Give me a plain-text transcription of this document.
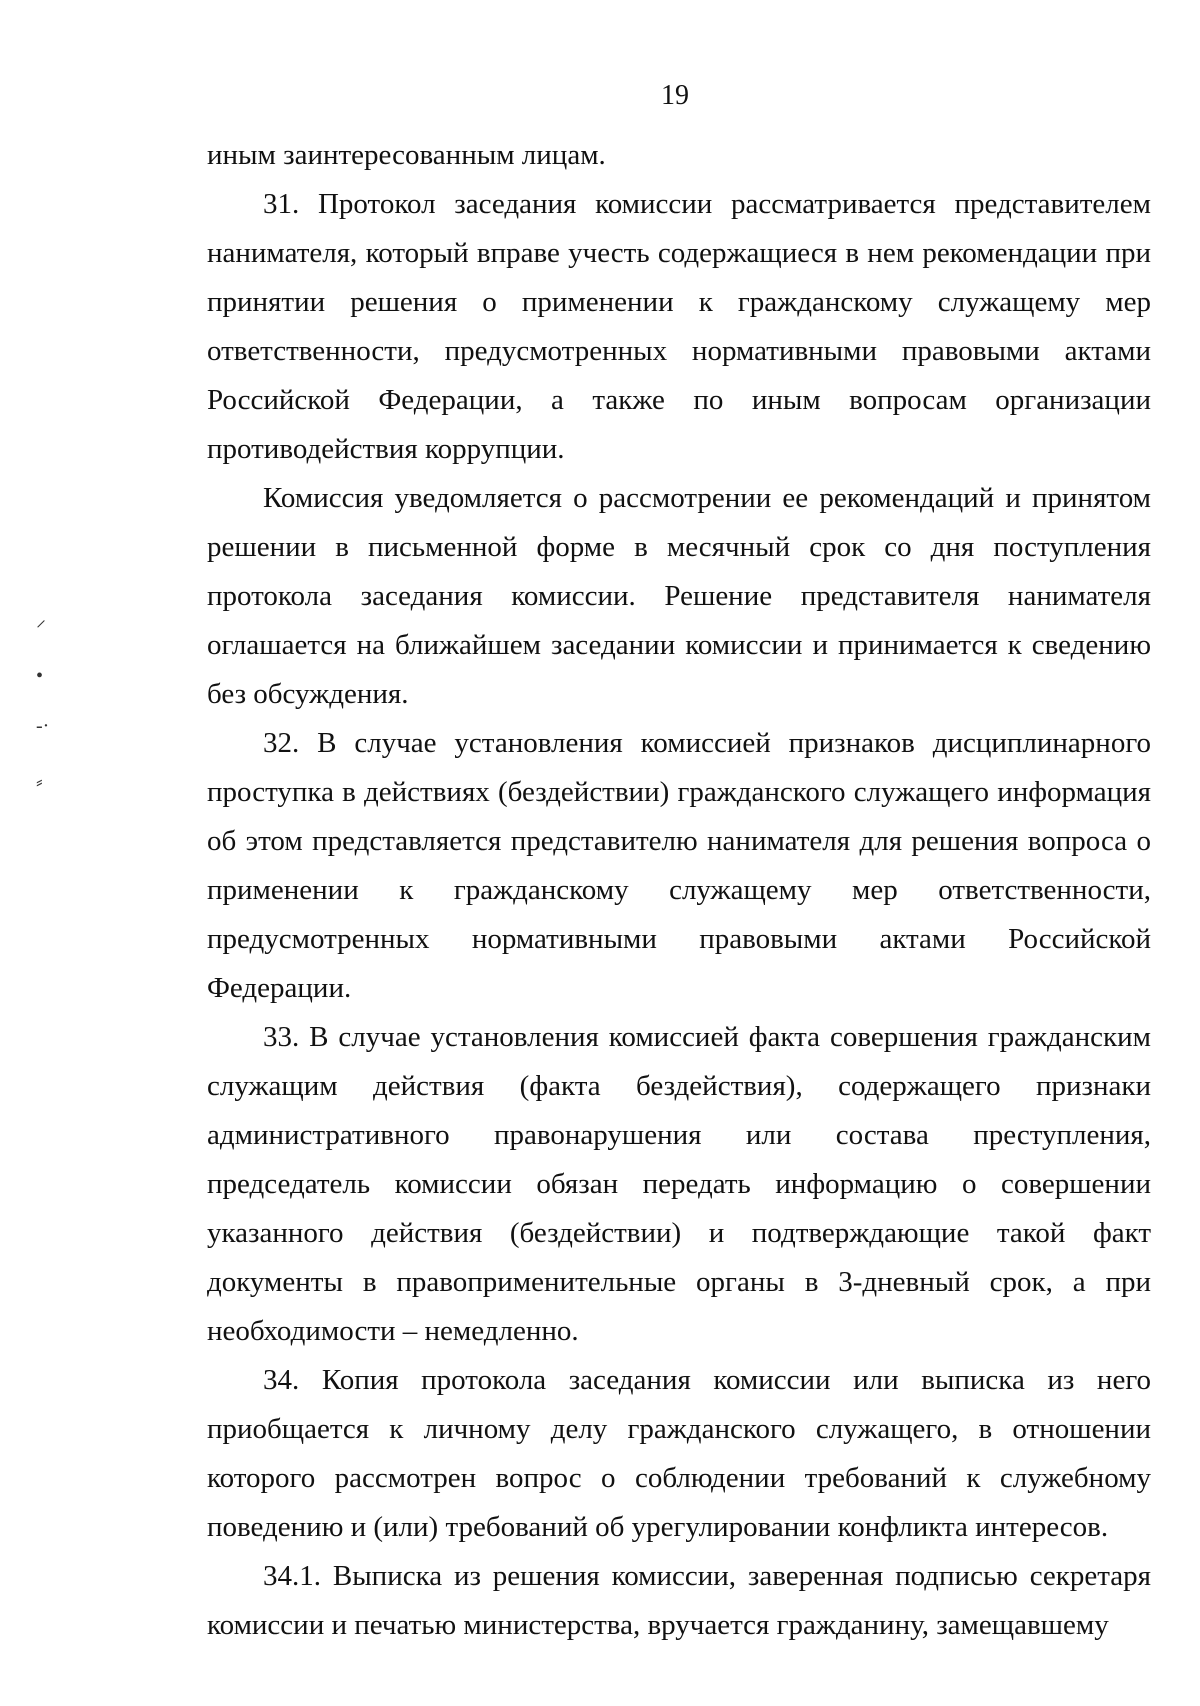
19
⸝
•
-·
⸗

иным заинтересованным лицам.

31. Протокол заседания комиссии рассматривается представителем нанимателя, который вправе учесть содержащиеся в нем рекомендации при принятии решения о применении к гражданскому служащему мер ответственности, предусмотренных нормативными правовыми актами Российской Федерации, а также по иным вопросам организации противодействия коррупции.

Комиссия уведомляется о рассмотрении ее рекомендаций и принятом решении в письменной форме в месячный срок со дня поступления протокола заседания комиссии. Решение представителя нанимателя оглашается на ближайшем заседании комиссии и принимается к сведению без обсуждения.

32. В случае установления комиссией признаков дисциплинарного проступка в действиях (бездействии) гражданского служащего информация об этом представляется представителю нанимателя для решения вопроса о применении к гражданскому служащему мер ответственности, предусмотренных нормативными правовыми актами Российской Федерации.

33. В случае установления комиссией факта совершения гражданским служащим действия (факта бездействия), содержащего признаки административного правонарушения или состава преступления, председатель комиссии обязан передать информацию о совершении указанного действия (бездействии) и подтверждающие такой факт документы в правоприменительные органы в 3-дневный срок, а при необходимости – немедленно.

34. Копия протокола заседания комиссии или выписка из него приобщается к личному делу гражданского служащего, в отношении которого рассмотрен вопрос о соблюдении требований к служебному поведению и (или) требований об урегулировании конфликта интересов.

34.1. Выписка из решения комиссии, заверенная подписью секретаря комиссии и печатью министерства, вручается гражданину, замещавшему
